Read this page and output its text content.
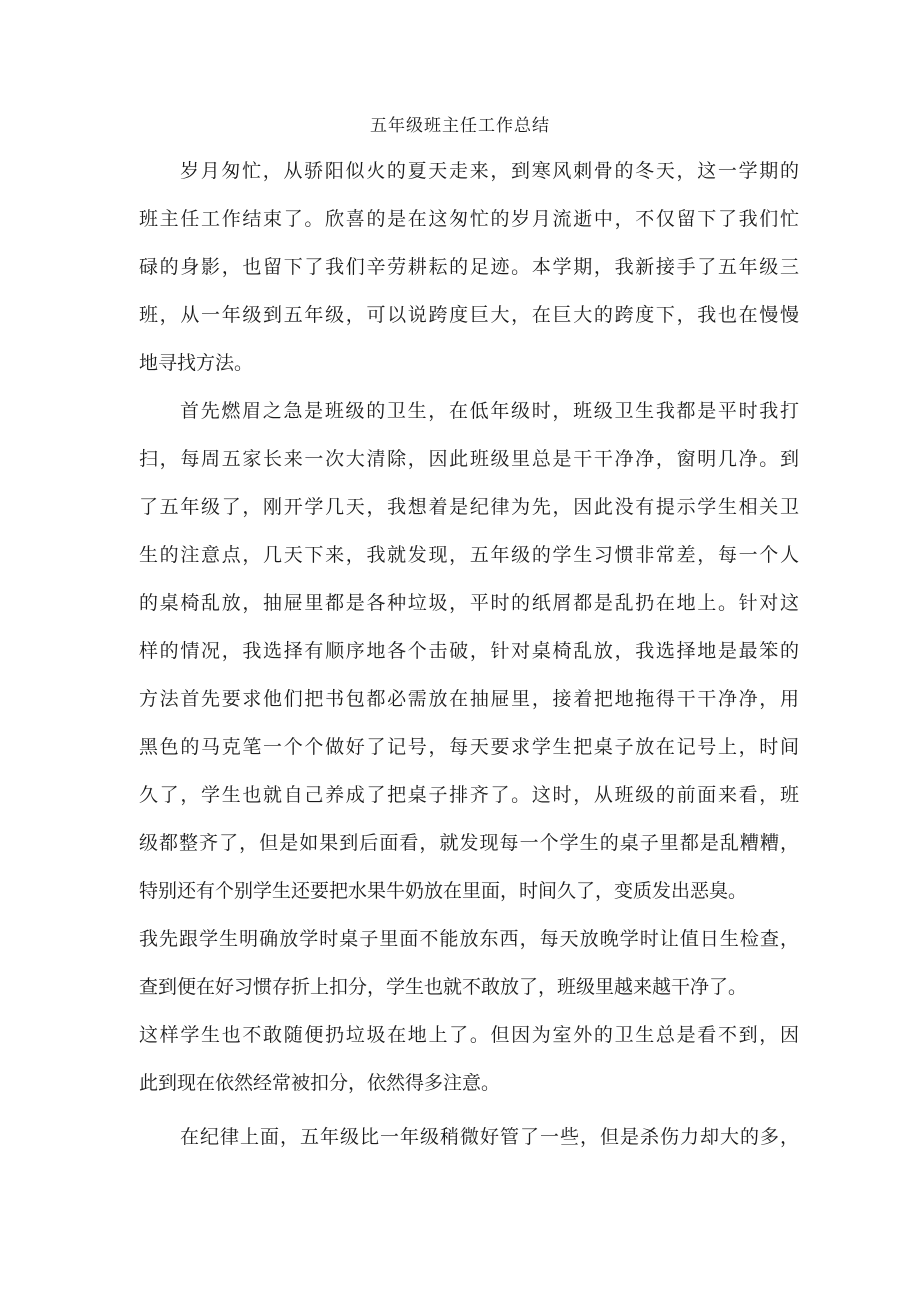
五年级班主任工作总结
岁月匆忙，从骄阳似火的夏天走来，到寒风刺骨的冬天，这一学期的
班主任工作结束了。欣喜的是在这匆忙的岁月流逝中，不仅留下了我们忙
碌的身影，也留下了我们辛劳耕耘的足迹。本学期，我新接手了五年级三
班，从一年级到五年级，可以说跨度巨大，在巨大的跨度下，我也在慢慢
地寻找方法。
首先燃眉之急是班级的卫生，在低年级时，班级卫生我都是平时我打
扫，每周五家长来一次大清除，因此班级里总是干干净净，窗明几净。到
了五年级了，刚开学几天，我想着是纪律为先，因此没有提示学生相关卫
生的注意点，几天下来，我就发现，五年级的学生习惯非常差，每一个人
的桌椅乱放，抽屉里都是各种垃圾，平时的纸屑都是乱扔在地上。针对这
样的情况，我选择有顺序地各个击破，针对桌椅乱放，我选择地是最笨的
方法首先要求他们把书包都必需放在抽屉里，接着把地拖得干干净净，用
黑色的马克笔一个个做好了记号，每天要求学生把桌子放在记号上，时间
久了，学生也就自己养成了把桌子排齐了。这时，从班级的前面来看，班
级都整齐了，但是如果到后面看，就发现每一个学生的桌子里都是乱糟糟，
特别还有个别学生还要把水果牛奶放在里面，时间久了，变质发出恶臭。
我先跟学生明确放学时桌子里面不能放东西，每天放晚学时让值日生检查，
查到便在好习惯存折上扣分，学生也就不敢放了，班级里越来越干净了。
这样学生也不敢随便扔垃圾在地上了。但因为室外的卫生总是看不到，因
此到现在依然经常被扣分，依然得多注意。
在纪律上面，五年级比一年级稍微好管了一些，但是杀伤力却大的多，
